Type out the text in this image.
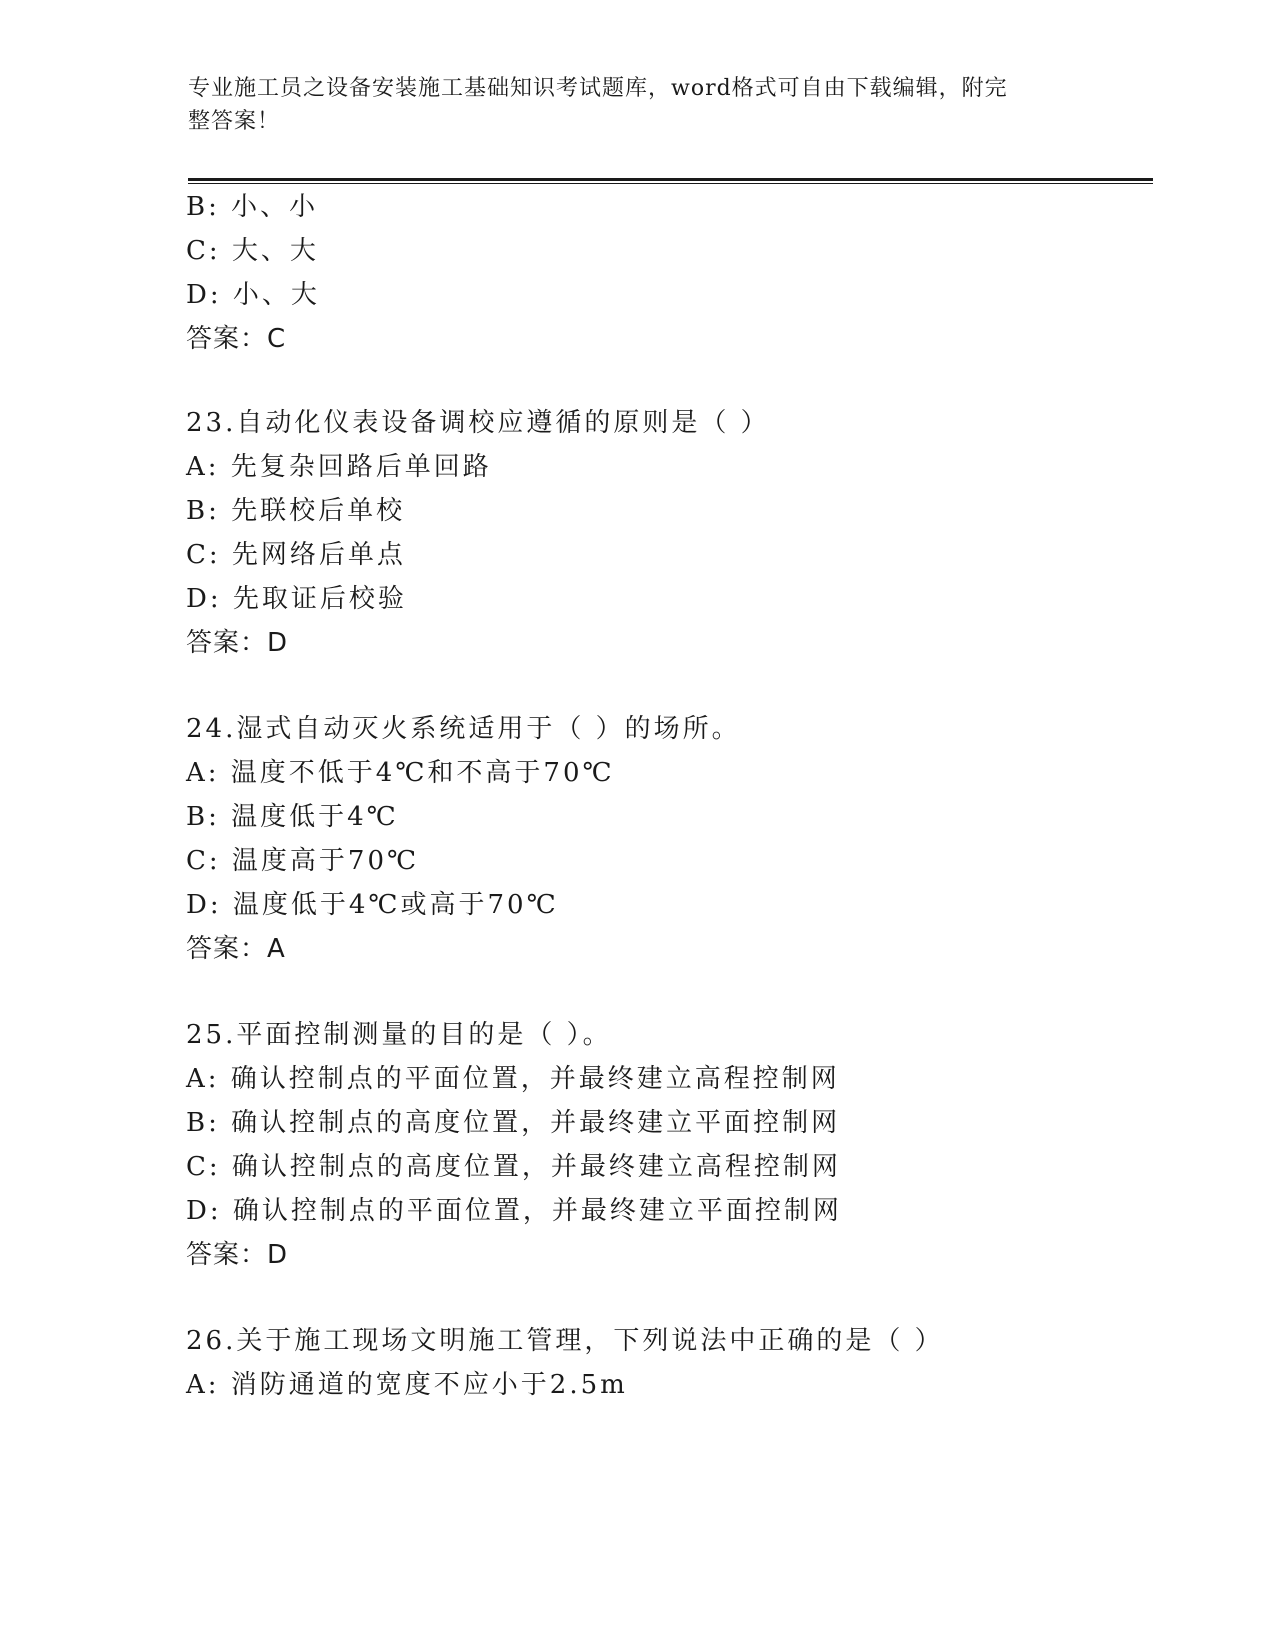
专业施工员之设备安装施工基础知识考试题库，word格式可自由下载编辑，附完
整答案！
B: 小、小
C: 大、大
D: 小、大
答案：C
23.自动化仪表设备调校应遵循的原则是（ ）
A: 先复杂回路后单回路
B: 先联校后单校
C: 先网络后单点
D: 先取证后校验
答案：D
24.湿式自动灭火系统适用于（ ）的场所。
A: 温度不低于4℃和不高于70℃
B: 温度低于4℃
C: 温度高于70℃
D: 温度低于4℃或高于70℃
答案：A
25.平面控制测量的目的是（ ）。
A: 确认控制点的平面位置，并最终建立高程控制网
B: 确认控制点的高度位置，并最终建立平面控制网
C: 确认控制点的高度位置，并最终建立高程控制网
D: 确认控制点的平面位置，并最终建立平面控制网
答案：D
26.关于施工现场文明施工管理，下列说法中正确的是（ ）
A: 消防通道的宽度不应小于2.5m
